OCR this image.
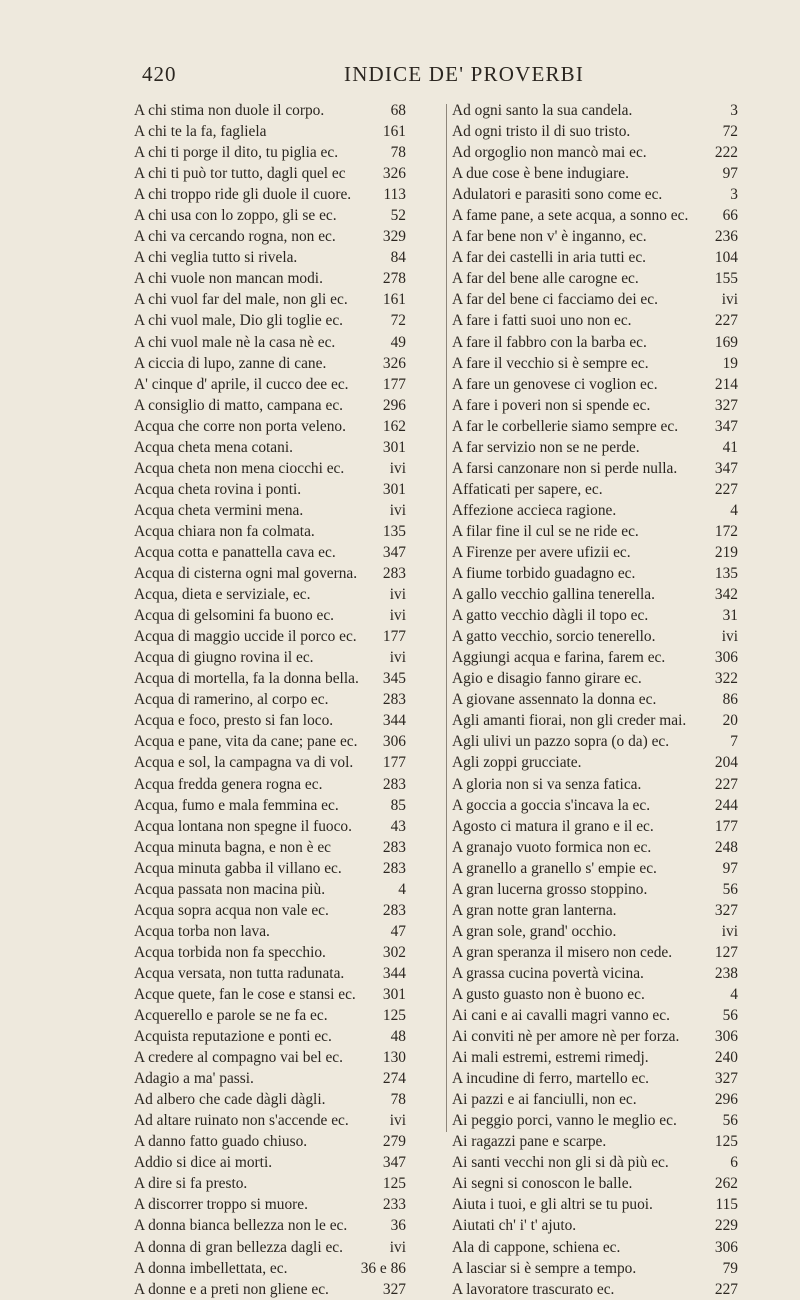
420	INDICE DE' PROVERBI
A chi stima non duole il corpo.	68
A chi te la fa, fagliela	161
A chi ti porge il dito, tu piglia ec.	78
A chi ti può tor tutto, dagli quel ec 326
A chi troppo ride gli duole il cuore. 113
A chi usa con lo zoppo, gli se ec.	52
A chi va cercando rogna, non ec.	329
A chi veglia tutto si rivela.	84
A chi vuole non mancan modi.	278
A chi vuol far del male, non gli ec. 161
A chi vuol male, Dio gli toglie ec.	72
A chi vuol male nè la casa nè ec.	49
A ciccia di lupo, zanne di cane.	326
A' cinque d' aprile, il cucco dee ec. 177
A consiglio di matto, campana ec.	296
Acqua che corre non porta veleno. 162
Acqua cheta mena cotani.	301
Acqua cheta non mena ciocchi ec.	ivi
Acqua cheta rovina i ponti.	301
Acqua cheta vermini mena.	ivi
Acqua chiara non fa colmata.	135
Acqua cotta e panattella cava ec.	347
Acqua di cisterna ogni mal governa. 283
Acqua, dieta e serviziale, ec.	ivi
Acqua di gelsomini fa buono ec.	ivi
Acqua di maggio uccide il porco ec. 177
Acqua di giugno rovina il ec.	ivi
Acqua di mortella, fa la donna bella. 345
Acqua di ramerino, al corpo ec.	283
Acqua e foco, presto si fan loco.	344
Acqua e pane, vita da cane; pane ec. 306
Acqua e sol, la campagna va di vol. 177
Acqua fredda genera rogna ec.	283
Acqua, fumo e mala femmina ec.	85
Acqua lontana non spegne il fuoco.	43
Acqua minuta bagna, e non è ec	283
Acqua minuta gabba il villano ec.	283
Acqua passata non macina più.	4
Acqua sopra acqua non vale ec.	283
Acqua torba non lava.	47
Acqua torbida non fa specchio.	302
Acqua versata, non tutta radunata.	344
Acque quete, fan le cose e stansi ec. 301
Acquerello e parole se ne fa ec.	125
Acquista reputazione e ponti ec.	48
A credere al compagno vai bel ec.	130
Adagio a ma' passi.	274
Ad albero che cade dàgli dàgli.	78
Ad altare ruinato non s'accende ec.	ivi
A danno fatto guado chiuso.	279
Addio si dice ai morti.	347
A dire si fa presto.	125
A discorrer troppo si muore.	233
A donna bianca bellezza non le ec.	36
A donna di gran bellezza dagli ec.	ivi
A donna imbellettata, ec.	36 e 86
A donne e a preti non gliene ec.	327
Ad ogni santo la sua candela.	3
Ad ogni tristo il di suo tristo.	72
Ad orgoglio non mancò mai ec.	222
A due cose è bene indugiare.	97
Adulatori e parasiti sono come ec.	3
A fame pane, a sete acqua, a sonno ec. 66
A far bene non v' è inganno, ec.	236
A far dei castelli in aria tutti ec.	104
A far del bene alle carogne ec.	155
A far del bene ci facciamo dei ec.	ivi
A fare i fatti suoi uno non ec.	227
A fare il fabbro con la barba ec.	169
A fare il vecchio si è sempre ec.	19
A fare un genovese ci voglion ec.	214
A fare i poveri non si spende ec.	327
A far le corbellerie siamo sempre ec. 347
A far servizio non se ne perde.	41
A farsi canzonare non si perde nulla. 347
Affaticati per sapere, ec.	227
Affezione accieca ragione.	4
A filar fine il cul se ne ride ec.	172
A Firenze per avere ufizii ec.	219
A fiume torbido guadagno ec.	135
A gallo vecchio gallina tenerella.	342
A gatto vecchio dàgli il topo ec.	31
A gatto vecchio, sorcio tenerello.	ivi
Aggiungi acqua e farina, farem ec.	306
Agio e disagio fanno girare ec.	322
A giovane assennato la donna ec.	86
Agli amanti fiorai, non gli creder mai. 20
Agli ulivi un pazzo sopra (o da) ec.	7
Agli zoppi grucciate.	204
A gloria non si va senza fatica.	227
A goccia a goccia s'incava la ec.	244
Agosto ci matura il grano e il ec.	177
A granajo vuoto formica non ec.	248
A granello a granello s' empie ec.	97
A gran lucerna grosso stoppino.	56
A gran notte gran lanterna.	327
A gran sole, grand' occhio.	ivi
A gran speranza il misero non cede.	127
A grassa cucina povertà vicina.	238
A gusto guasto non è buono ec.	4
Ai cani e ai cavalli magri vanno ec.	56
Ai conviti nè per amore nè per forza. 306
Ai mali estremi, estremi rimedj.	240
A incudine di ferro, martello ec.	327
Ai pazzi e ai fanciulli, non ec.	296
Ai peggio porci, vanno le meglio ec.	56
Ai ragazzi pane e scarpe.	125
Ai santi vecchi non gli si dà più ec.	6
Ai segni si conoscon le balle.	262
Aiuta i tuoi, e gli altri se tu puoi.	115
Aiutati ch' i' t' ajuto.	229
Ala di cappone, schiena ec.	306
A lasciar si è sempre a tempo.	79
A lavoratore trascurato ec.	227
